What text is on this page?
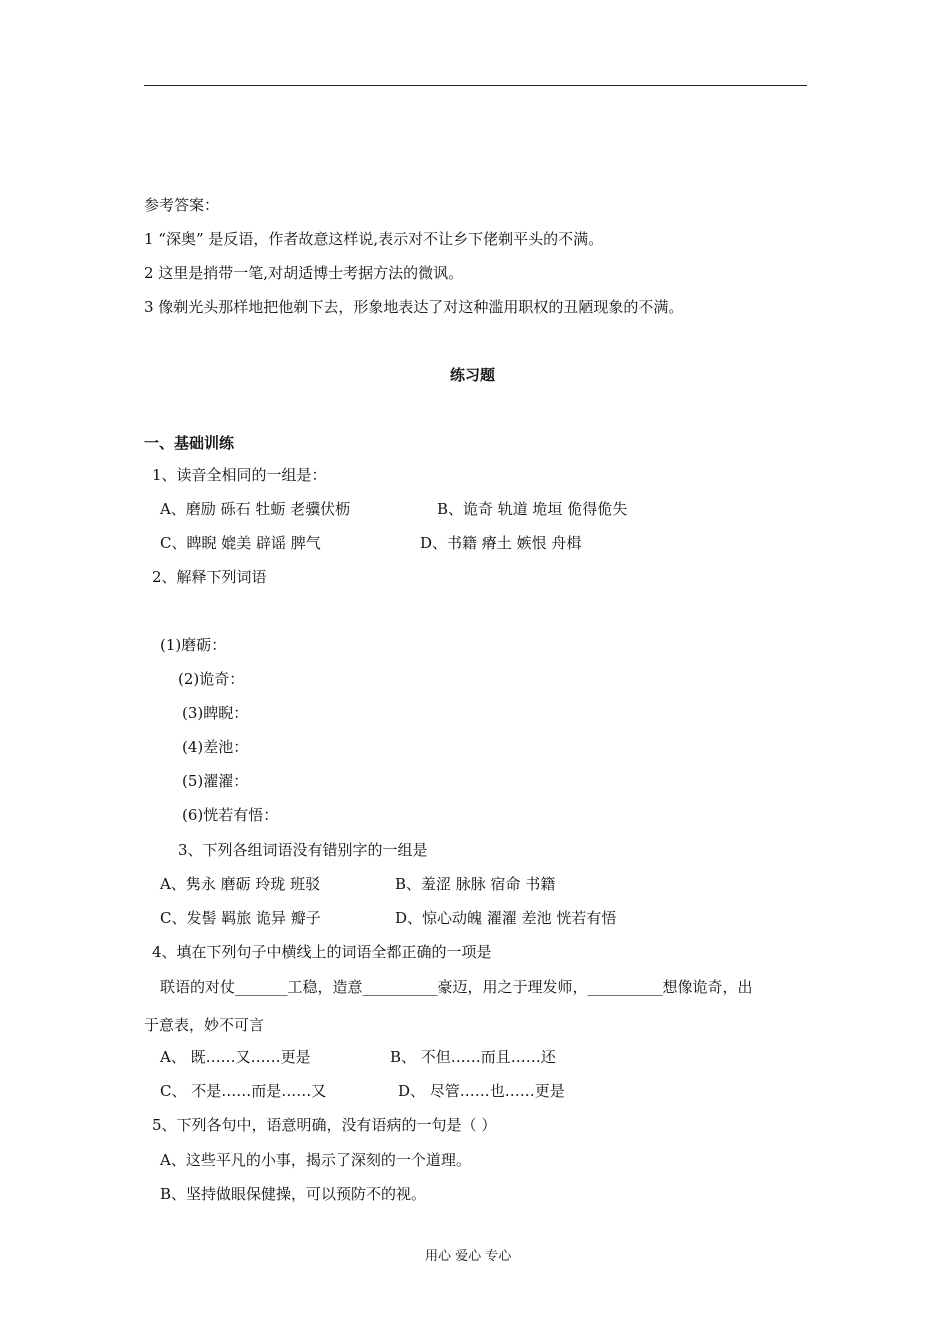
参考答案：
1 “深奥” 是反语，作者故意这样说,表示对不让乡下佬剃平头的不满。
2 这里是捎带一笔,对胡适博士考据方法的微讽。
3 像剃光头那样地把他剃下去，形象地表达了对这种滥用职权的丑陋现象的不满。
练习题
一、基础训练
1、读音全相同的一组是：
A、磨励 砾石 牡蛎 老骥伏枥	B、诡奇 轨道 垝垣 佹得佹失
C、睥睨 媲美 辟谣 脾气	D、书籍 瘠土 嫉恨 舟楫
2、解释下列词语
(1)磨砺：
(2)诡奇：
(3)睥睨：
(4)差池：
(5)濯濯：
(6)恍若有悟：
3、下列各组词语没有错别字的一组是
A、隽永 磨砺 玲珑 班驳	B、羞涩 脉脉 宿命 书籍
C、发髻 羁旅 诡异 瓣子	D、惊心动魄 濯濯 差池 恍若有悟
4、填在下列句子中横线上的词语全都正确的一项是
联语的对仗_______工稳，造意__________豪迈，用之于理发师，__________想像诡奇，出
于意表，妙不可言
A、 既……又……更是	B、 不但……而且……还
C、 不是……而是……又	D、 尽管……也……更是
5、下列各句中，语意明确，没有语病的一句是（ ）
A、这些平凡的小事，揭示了深刻的一个道理。
B、坚持做眼保健操，可以预防不的视。
用心 爱心 专心
